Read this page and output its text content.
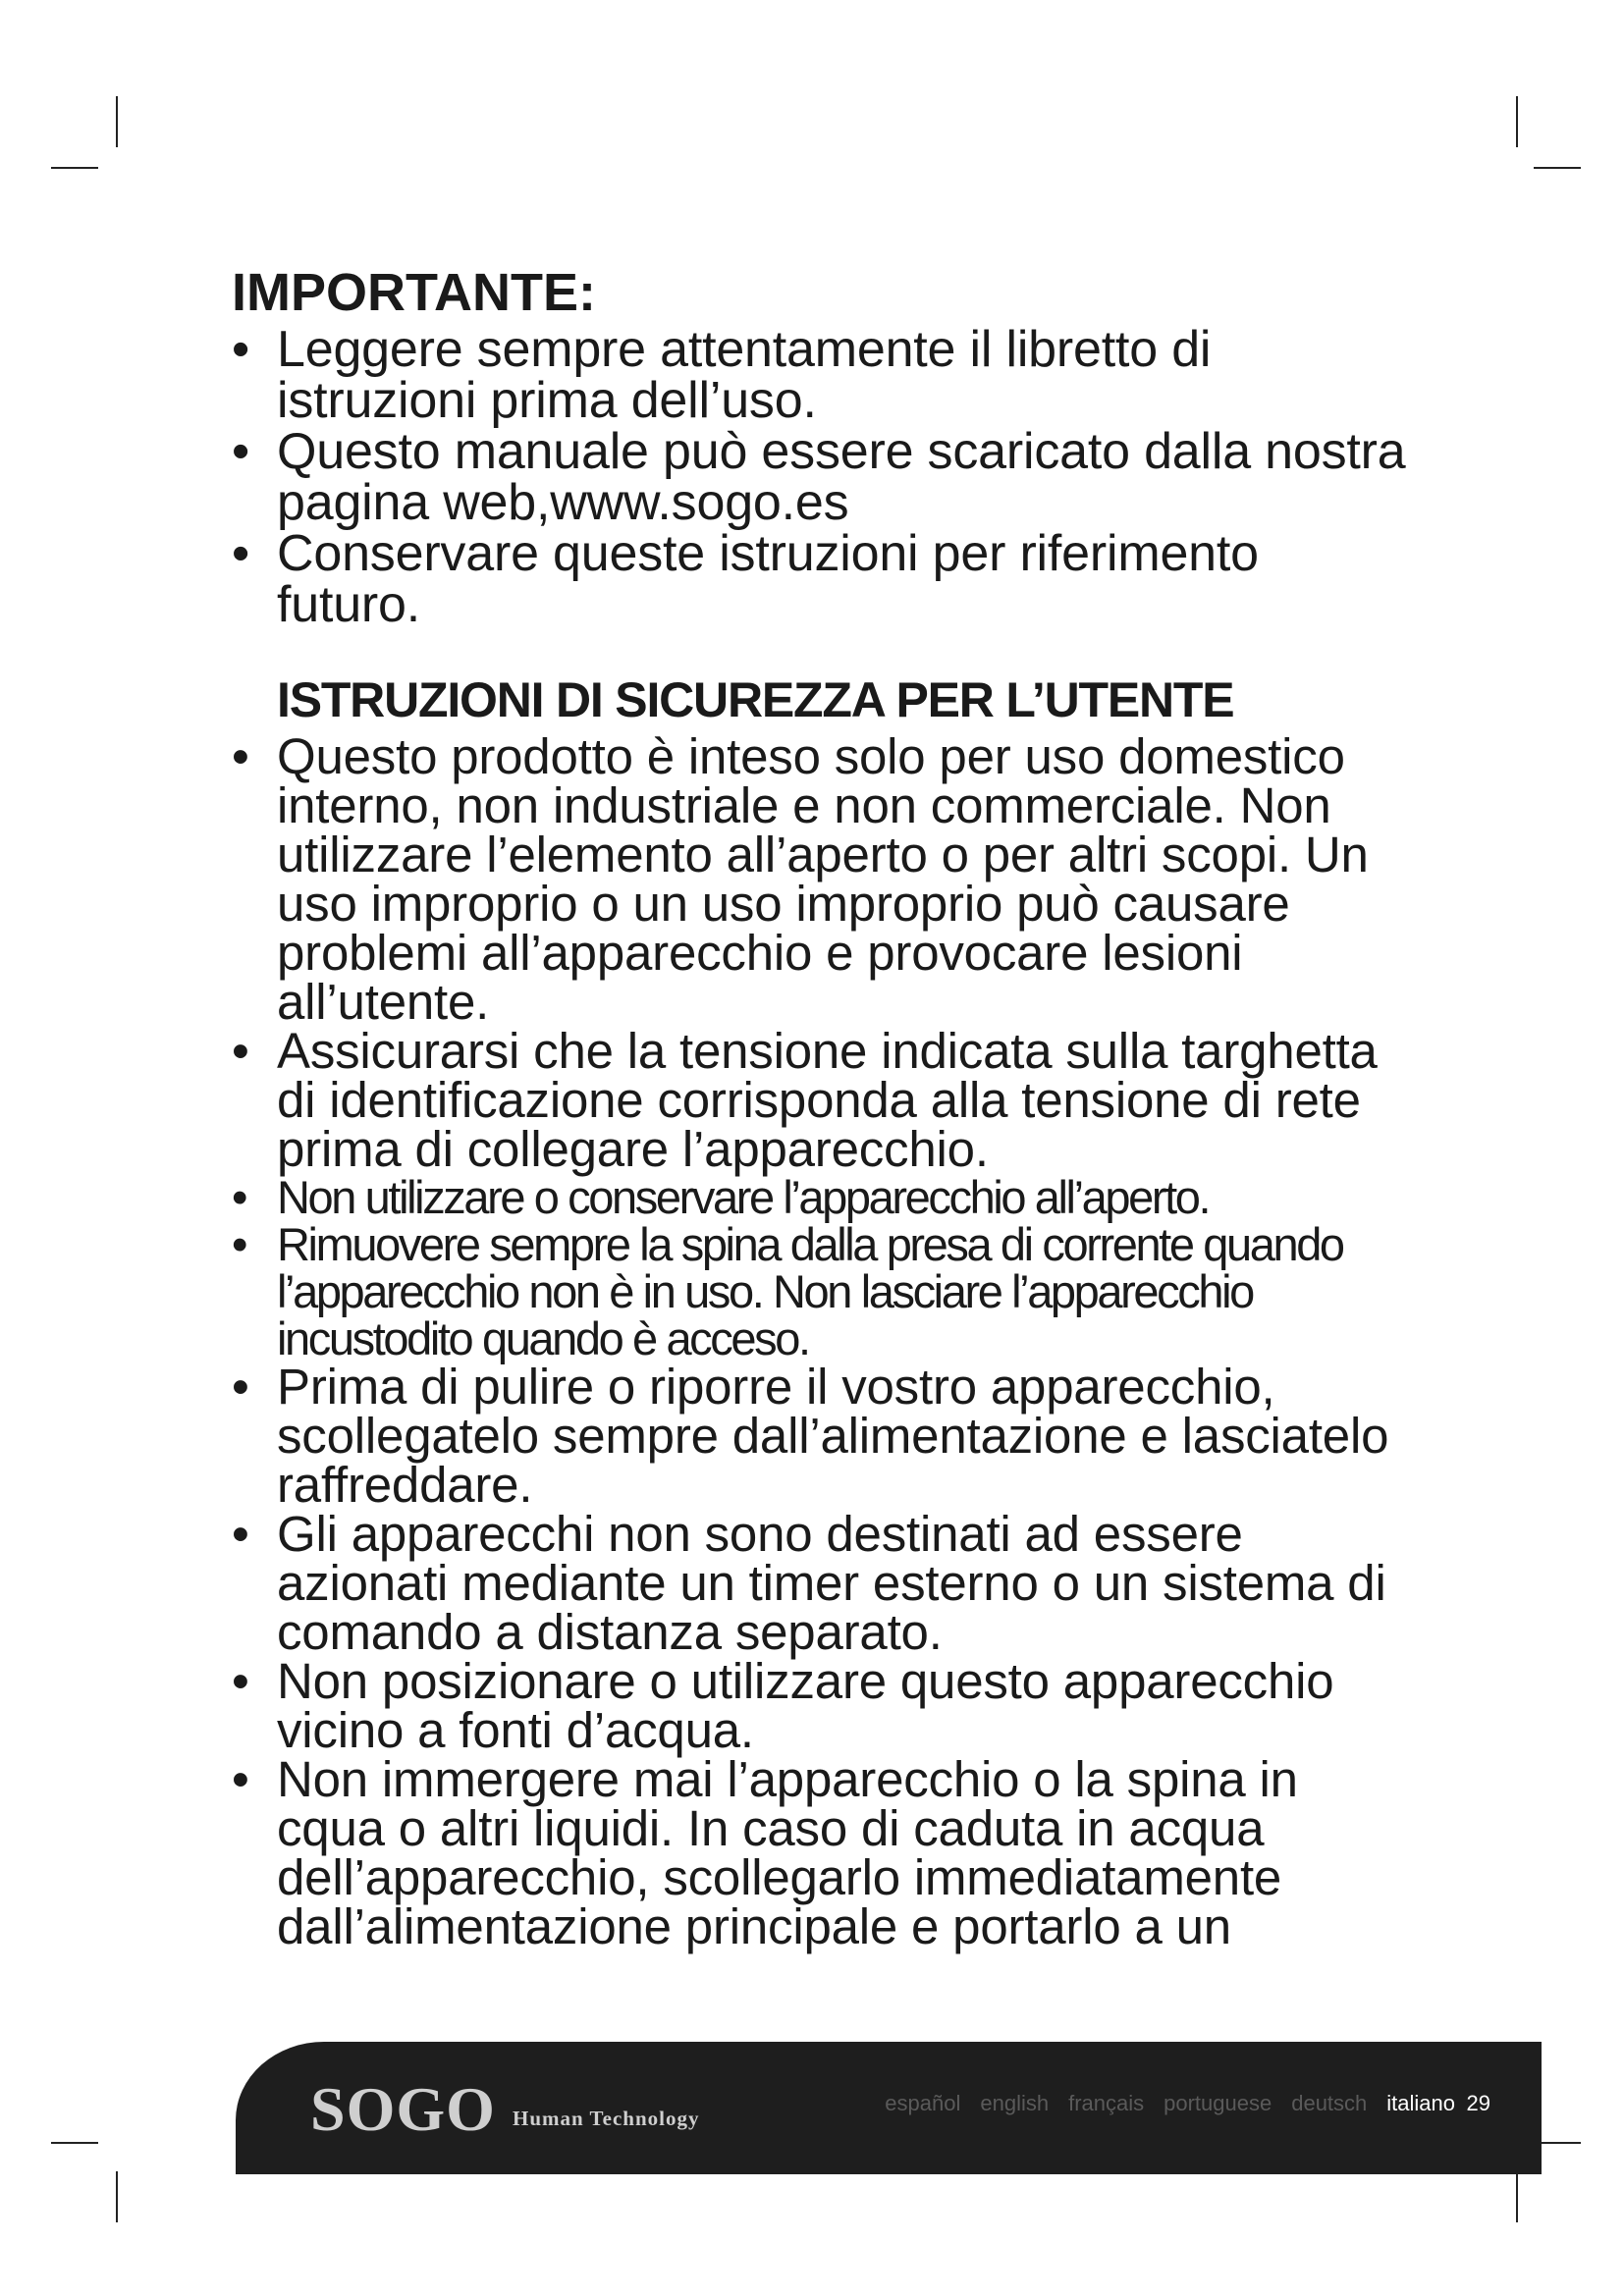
IMPORTANTE:
• Leggere sempre attentamente il libretto di istruzioni prima dell’uso.
• Questo manuale può essere scaricato dalla nostra pagina web,www.sogo.es
• Conservare queste istruzioni per riferimento futuro.
ISTRUZIONI DI SICUREZZA PER L’UTENTE
• Questo prodotto è inteso solo per uso domestico interno, non industriale e non commerciale. Non utilizzare l’elemento all’aperto o per altri scopi. Un uso improprio o un uso improprio può causare problemi all’apparecchio e provocare lesioni all’utente.
• Assicurarsi che la tensione indicata sulla targhetta di identificazione corrisponda alla tensione di rete prima di collegare l’apparecchio.
• Non utilizzare o conservare l’apparecchio all’aperto.
• Rimuovere sempre la spina dalla presa di corrente quando l’apparecchio non è in uso. Non lasciare l’apparecchio incustodito quando è acceso.
• Prima di pulire o riporre il vostro apparecchio, scollegatelo sempre dall’alimentazione e lasciatelo raffreddare.
• Gli apparecchi non sono destinati ad essere azionati mediante un timer esterno o un sistema di comando a distanza separato.
• Non posizionare o utilizzare questo apparecchio vicino a fonti d’acqua.
• Non immergere mai l’apparecchio o la spina in cqua o altri liquidi. In caso di caduta in acqua dell’apparecchio, scollegarlo immediatamente dall’alimentazione principale e portarlo a un
SOGO Human Technology
español english français portuguese deutsch italiano 29
